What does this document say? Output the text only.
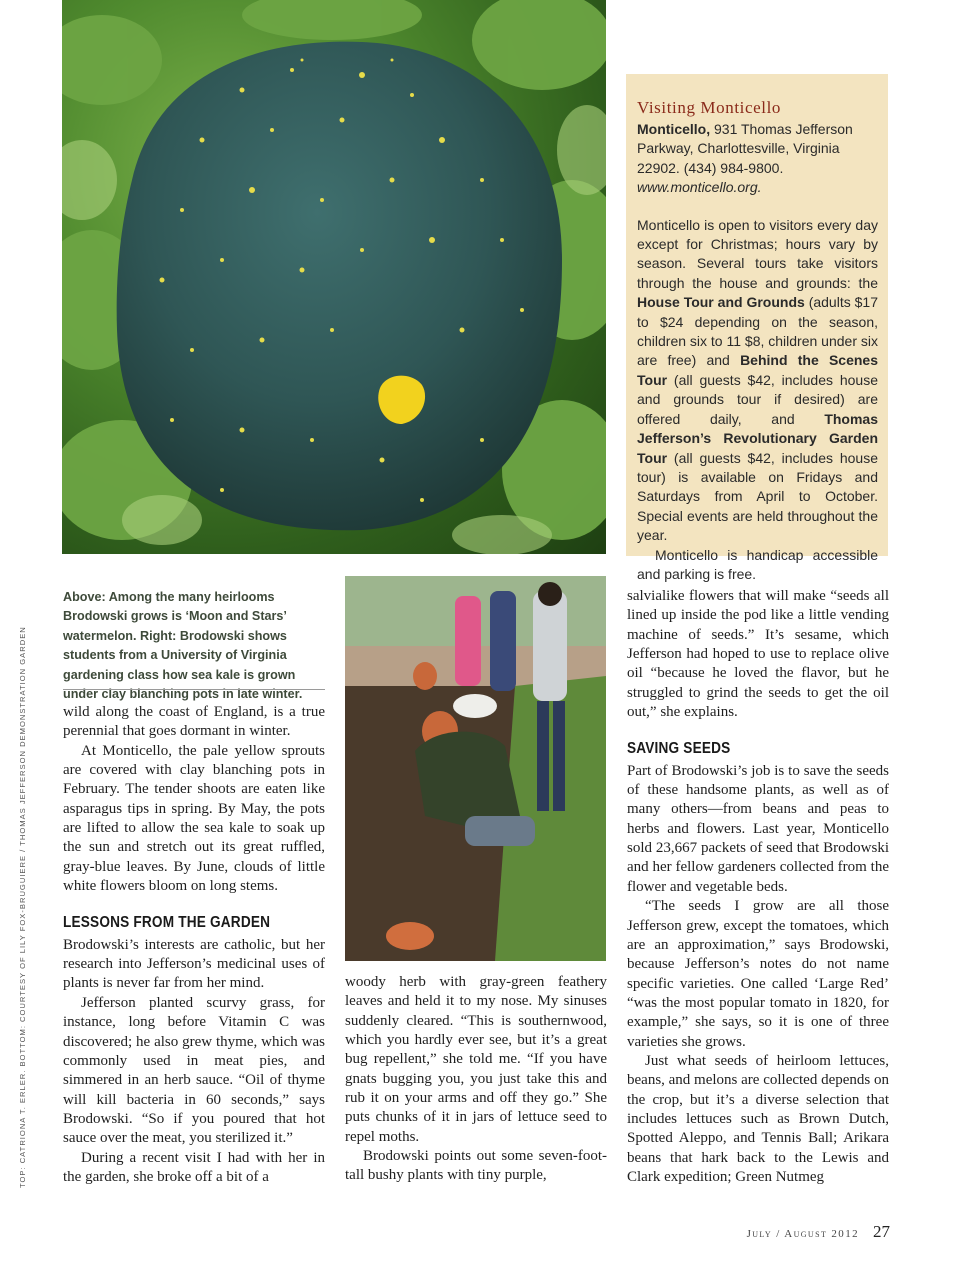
Visiting Monticello

Monticello, 931 Thomas Jefferson Parkway, Charlottesville, Virginia 22902. (434) 984-9800.
www.monticello.org.

Monticello is open to visitors every day except for Christmas; hours vary by season. Several tours take visitors through the house and grounds: the House Tour and Grounds (adults $17 to $24 depending on the season, children six to 11 $8, children under six are free) and Behind the Scenes Tour (all guests $42, includes house and grounds tour if desired) are offered daily, and Thomas Jefferson’s Revolutionary Garden Tour (all guests $42, includes house tour) is available on Fridays and Saturdays from April to October. Special events are held throughout the year.

Monticello is handicap accessible and parking is free.

Above: Among the many heirlooms Brodowski grows is ‘Moon and Stars’ watermelon. Right: Brodowski shows students from a University of Virginia gardening class how sea kale is grown under clay blanching pots in late winter.

wild along the coast of England, is a true perennial that goes dormant in winter.

At Monticello, the pale yellow sprouts are covered with clay blanching pots in February. The tender shoots are eaten like asparagus tips in spring. By May, the pots are lifted to allow the sea kale to soak up the sun and stretch out its great ruffled, gray-blue leaves. By June, clouds of little white flowers bloom on long stems.

LESSONS FROM THE GARDEN

Brodowski’s interests are catholic, but her research into Jefferson’s medicinal uses of plants is never far from her mind.

Jefferson planted scurvy grass, for instance, long before Vitamin C was discovered; he also grew thyme, which was commonly used in meat pies, and simmered in an herb sauce. “Oil of thyme will kill bacteria in 60 seconds,” says Brodowski. “So if you poured that hot sauce over the meat, you sterilized it.”

During a recent visit I had with her in the garden, she broke off a bit of a

woody herb with gray-green feathery leaves and held it to my nose. My sinuses suddenly cleared. “This is southernwood, which you hardly ever see, but it’s a great bug repellent,” she told me. “If you have gnats bugging you, you just take this and rub it on your arms and off they go.” She puts chunks of it in jars of lettuce seed to repel moths.

Brodowski points out some seven-foot-tall bushy plants with tiny purple,

salvialike flowers that will make “seeds all lined up inside the pod like a little vending machine of seeds.” It’s sesame, which Jefferson had hoped to use to replace olive oil “because he loved the flavor, but he struggled to grind the seeds to get the oil out,” she explains.

SAVING SEEDS

Part of Brodowski’s job is to save the seeds of these handsome plants, as well as of many others—from beans and peas to herbs and flowers. Last year, Monticello sold 23,667 packets of seed that Brodowski and her fellow gardeners collected from the flower and vegetable beds.

“The seeds I grow are all those Jefferson grew, except the tomatoes, which are an approximation,” says Brodowski, because Jefferson’s notes do not name specific varieties. One called ‘Large Red’ “was the most popular tomato in 1820, for example,” she says, so it is one of three varieties she grows.

Just what seeds of heirloom lettuces, beans, and melons are collected depends on the crop, but it’s a diverse selection that includes lettuces such as Brown Dutch, Spotted Aleppo, and Tennis Ball; Arikara beans that hark back to the Lewis and Clark expedition; Green Nutmeg

TOP: CATRIONA T. ERLER. BOTTOM: COURTESY OF LILY FOX-BRUGUIERE / THOMAS JEFFERSON DEMONSTRATION GARDEN
July / August 2012 27
